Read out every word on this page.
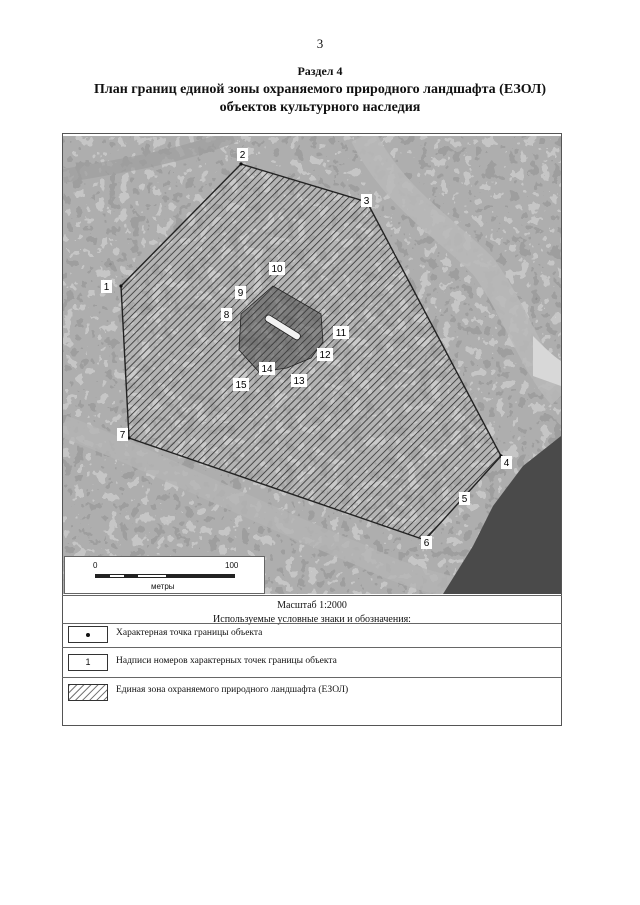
3
Раздел 4
План границ единой зоны охраняемого природного ландшафта (ЕЗОЛ)
объектов культурного наследия
1
2
3
4
5
6
7
8
9
10
11
12
13
14
15
0	100
метры
Масштаб 1:2000
Используемые условные знаки и обозначения:
Характерная точка границы объекта
1	Надписи номеров характерных точек границы объекта
Единая зона охраняемого природного ландшафта (ЕЗОЛ)
